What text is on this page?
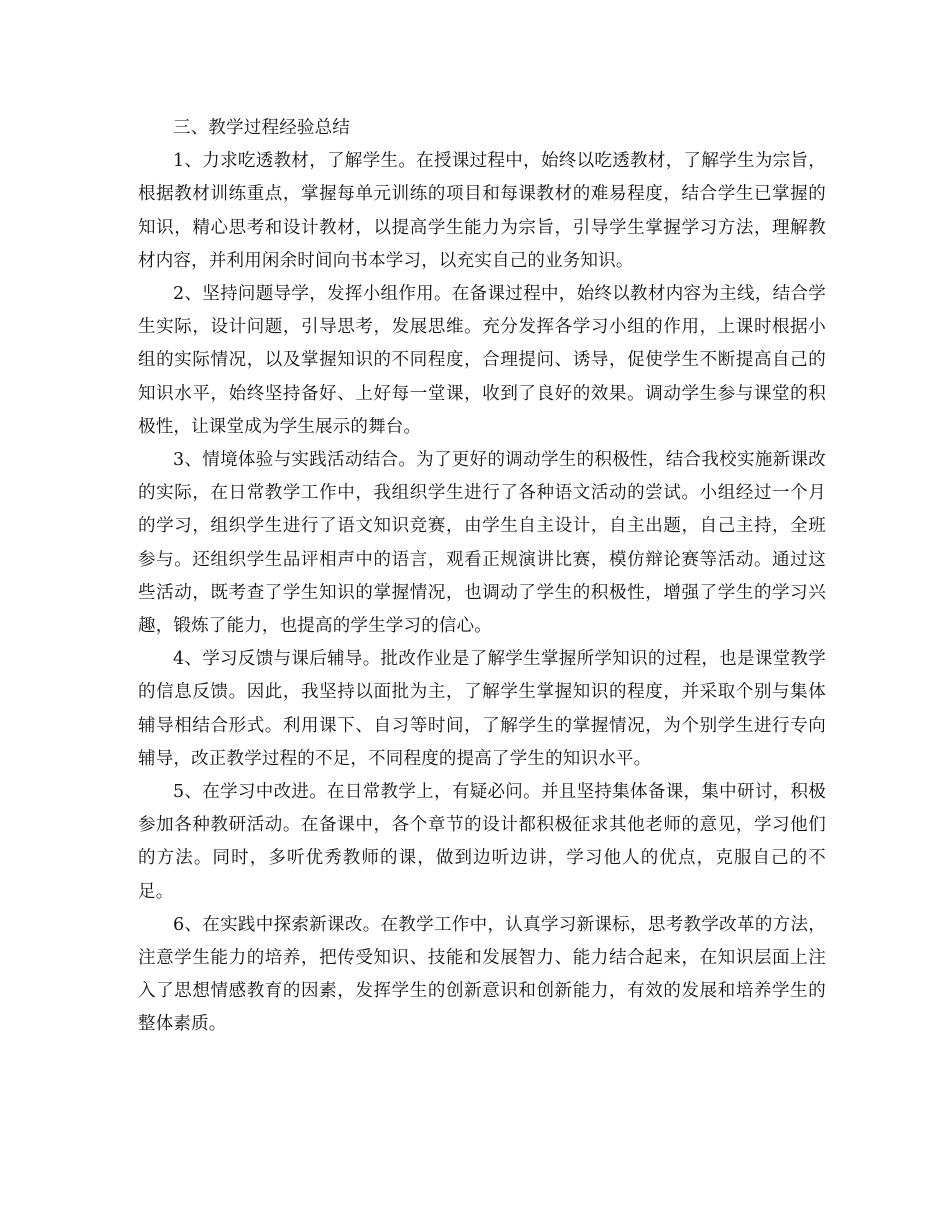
三、教学过程经验总结

1、力求吃透教材，了解学生。在授课过程中，始终以吃透教材，了解学生为宗旨，根据教材训练重点，掌握每单元训练的项目和每课教材的难易程度，结合学生已掌握的知识，精心思考和设计教材，以提高学生能力为宗旨，引导学生掌握学习方法，理解教材内容，并利用闲余时间向书本学习，以充实自己的业务知识。

2、坚持问题导学，发挥小组作用。在备课过程中，始终以教材内容为主线，结合学生实际，设计问题，引导思考，发展思维。充分发挥各学习小组的作用，上课时根据小组的实际情况，以及掌握知识的不同程度，合理提问、诱导，促使学生不断提高自己的知识水平，始终坚持备好、上好每一堂课，收到了良好的效果。调动学生参与课堂的积极性，让课堂成为学生展示的舞台。

3、情境体验与实践活动结合。为了更好的调动学生的积极性，结合我校实施新课改的实际，在日常教学工作中，我组织学生进行了各种语文活动的尝试。小组经过一个月的学习，组织学生进行了语文知识竞赛，由学生自主设计，自主出题，自己主持，全班参与。还组织学生品评相声中的语言，观看正规演讲比赛，模仿辩论赛等活动。通过这些活动，既考查了学生知识的掌握情况，也调动了学生的积极性，增强了学生的学习兴趣，锻炼了能力，也提高的学生学习的信心。

4、学习反馈与课后辅导。批改作业是了解学生掌握所学知识的过程，也是课堂教学的信息反馈。因此，我坚持以面批为主，了解学生掌握知识的程度，并采取个别与集体辅导相结合形式。利用课下、自习等时间，了解学生的掌握情况，为个别学生进行专向辅导，改正教学过程的不足，不同程度的提高了学生的知识水平。

5、在学习中改进。在日常教学上，有疑必问。并且坚持集体备课，集中研讨，积极参加各种教研活动。在备课中，各个章节的设计都积极征求其他老师的意见，学习他们的方法。同时，多听优秀教师的课，做到边听边讲，学习他人的优点，克服自己的不足。

6、在实践中探索新课改。在教学工作中，认真学习新课标，思考教学改革的方法，注意学生能力的培养，把传受知识、技能和发展智力、能力结合起来，在知识层面上注入了思想情感教育的因素，发挥学生的创新意识和创新能力，有效的发展和培养学生的整体素质。
